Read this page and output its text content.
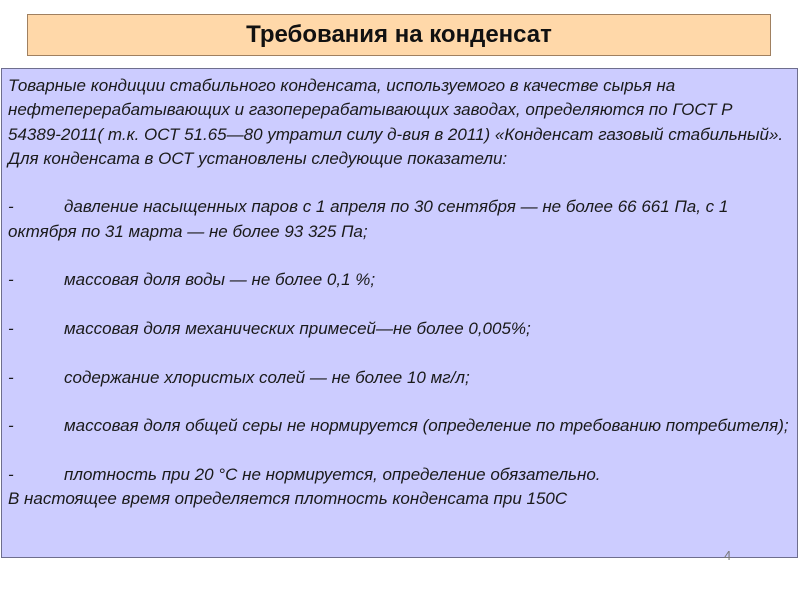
Требования на конденсат

Товарные кондиции стабильного конденсата, используемого в качестве сырья на нефтеперерабатывающих и газоперерабатывающих заводах, определяются по ГОСТ Р 54389-2011( т.к. ОСТ 51.65—80 утратил силу д-вия в 2011) «Конденсат газовый стабильный».

Для конденсата в ОСТ установлены следующие показатели:

-	давление насыщенных паров с 1 апреля по 30 сентября — не более 66 661 Па, с 1 октября по 31 марта — не более 93 325 Па;
-	массовая доля воды — не более 0,1 %;
-	массовая доля механических примесей—не более 0,005%;
-	содержание хлористых солей — не более 10 мг/л;
-	массовая доля общей серы не нормируется (определение по требованию потребителя);
-	плотность при 20 °С не нормируется, определение обязательно.

В настоящее время определяется плотность конденсата при 150С

4
